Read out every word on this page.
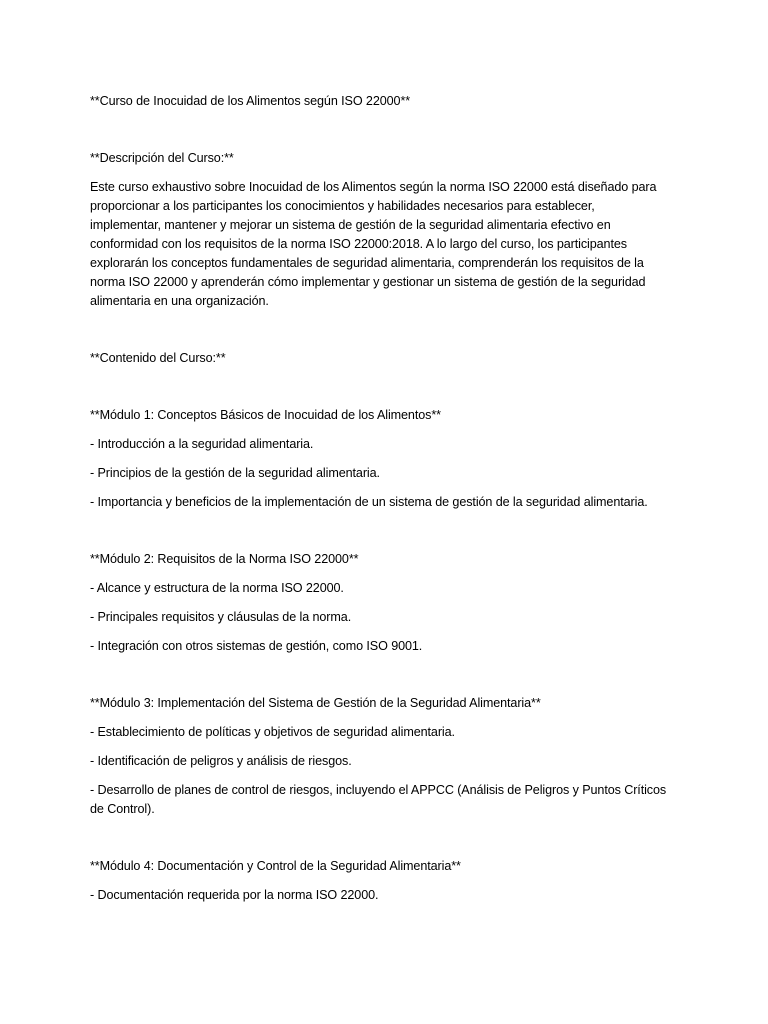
**Curso de Inocuidad de los Alimentos según ISO 22000**

**Descripción del Curso:**

Este curso exhaustivo sobre Inocuidad de los Alimentos según la norma ISO 22000 está diseñado para

proporcionar a los participantes los conocimientos y habilidades necesarios para establecer,

implementar, mantener y mejorar un sistema de gestión de la seguridad alimentaria efectivo en

conformidad con los requisitos de la norma ISO 22000:2018. A lo largo del curso, los participantes

explorarán los conceptos fundamentales de seguridad alimentaria, comprenderán los requisitos de la

norma ISO 22000 y aprenderán cómo implementar y gestionar un sistema de gestión de la seguridad

alimentaria en una organización.

**Contenido del Curso:**

**Módulo 1: Conceptos Básicos de Inocuidad de los Alimentos**

- Introducción a la seguridad alimentaria.

- Principios de la gestión de la seguridad alimentaria.

- Importancia y beneficios de la implementación de un sistema de gestión de la seguridad alimentaria.

**Módulo 2: Requisitos de la Norma ISO 22000**

- Alcance y estructura de la norma ISO 22000.

- Principales requisitos y cláusulas de la norma.

- Integración con otros sistemas de gestión, como ISO 9001.

**Módulo 3: Implementación del Sistema de Gestión de la Seguridad Alimentaria**

- Establecimiento de políticas y objetivos de seguridad alimentaria.

- Identificación de peligros y análisis de riesgos.

- Desarrollo de planes de control de riesgos, incluyendo el APPCC (Análisis de Peligros y Puntos Críticos

de Control).

**Módulo 4: Documentación y Control de la Seguridad Alimentaria**

- Documentación requerida por la norma ISO 22000.
